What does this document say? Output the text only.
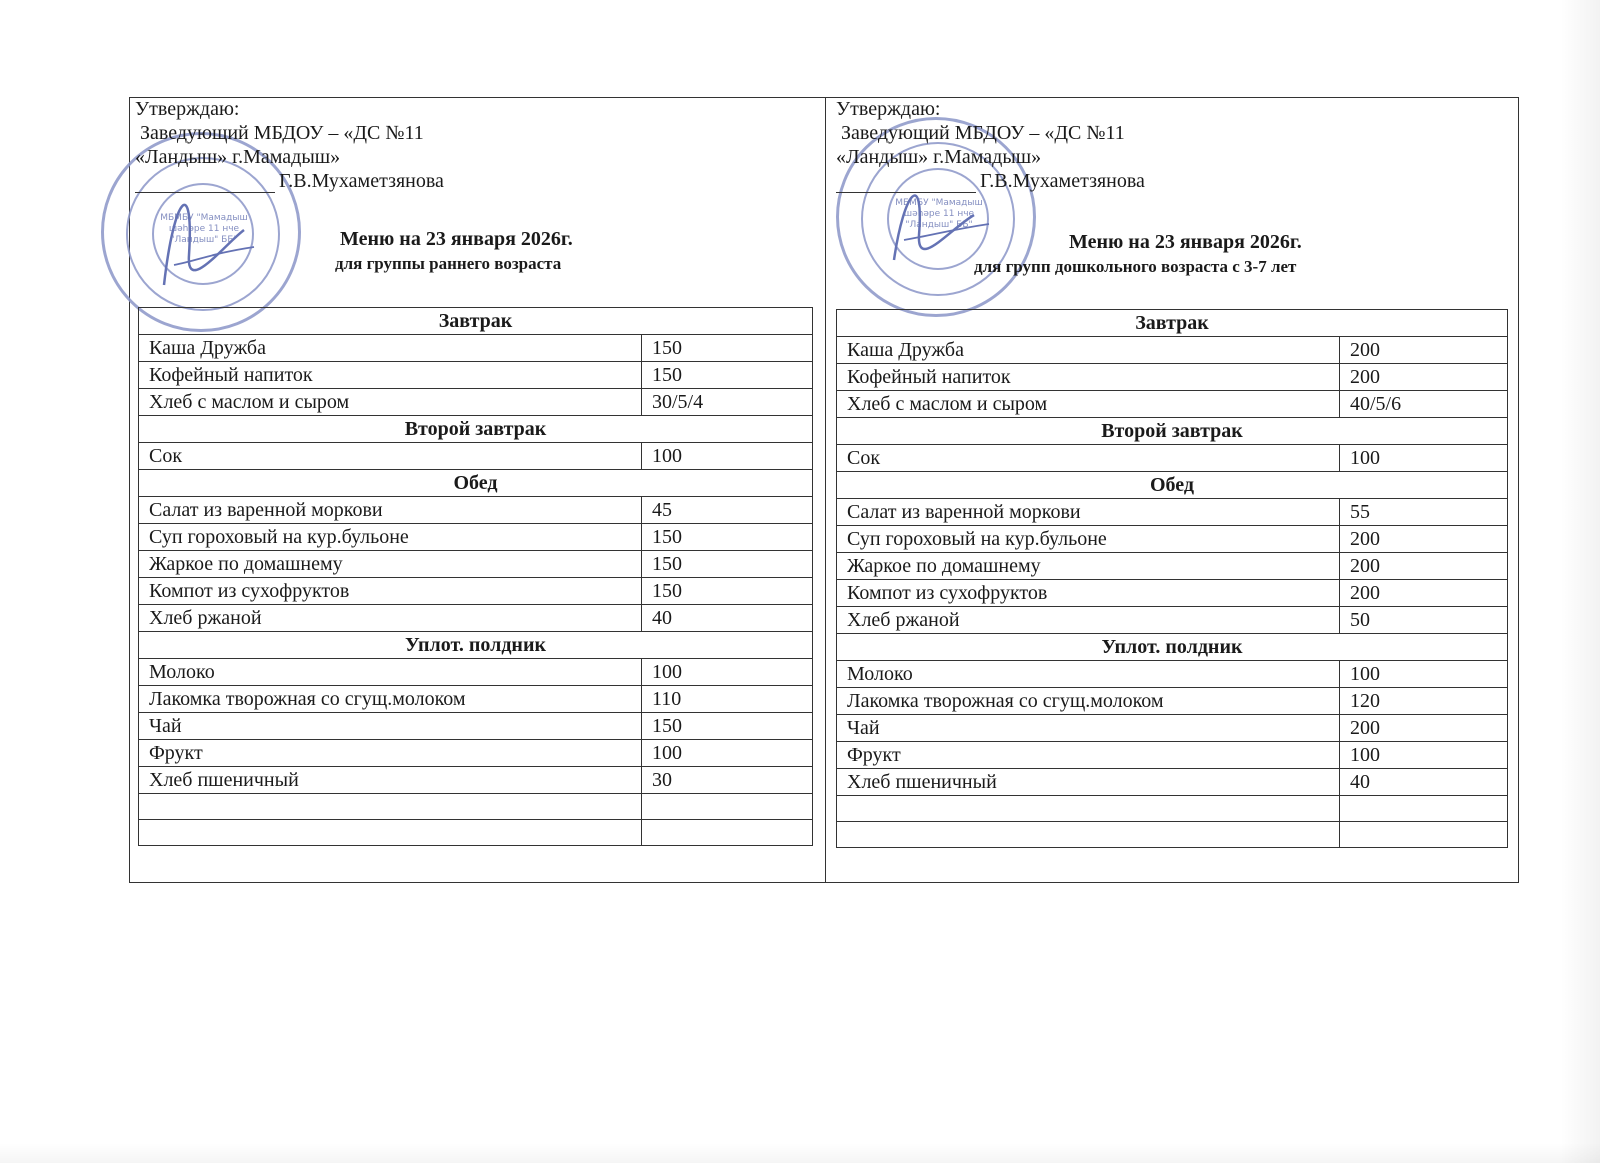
МБМБУ "Мамадыш шәһәре 11 нче "Ландыш" ББ"
Утверждаю:
Заведующий МБДОУ – «ДС №11
«Ландыш» г.Мамадыш»
Г.В.Мухаметзянова
Меню на 23 января 2026г.
для группы раннего возраста
Завтрак	
Каша Дружба	150
Кофейный напиток	150
Хлеб с маслом и сыром	30/5/4
Второй завтрак	
Сок	100
Обед	
Салат из варенной моркови	45
Суп гороховый на кур.бульоне	150
Жаркое по домашнему	150
Компот из сухофруктов	150
Хлеб ржаной	40
Уплот. полдник	
Молоко	100
Лакомка творожная со сгущ.молоком	110
Чай	150
Фрукт	100
Хлеб пшеничный	30

МБМБУ "Мамадыш шәһәре 11 нче "Ландыш" ББ"
Утверждаю:
Заведующий МБДОУ – «ДС №11
«Ландыш» г.Мамадыш»
Г.В.Мухаметзянова
Меню на 23 января 2026г.
для групп дошкольного возраста с 3-7 лет
Завтрак	
Каша Дружба	200
Кофейный напиток	200
Хлеб с маслом и сыром	40/5/6
Второй завтрак	
Сок	100
Обед	
Салат из варенной моркови	55
Суп гороховый на кур.бульоне	200
Жаркое по домашнему	200
Компот из сухофруктов	200
Хлеб ржаной	50
Уплот. полдник	
Молоко	100
Лакомка творожная со сгущ.молоком	120
Чай	200
Фрукт	100
Хлеб пшеничный	40
